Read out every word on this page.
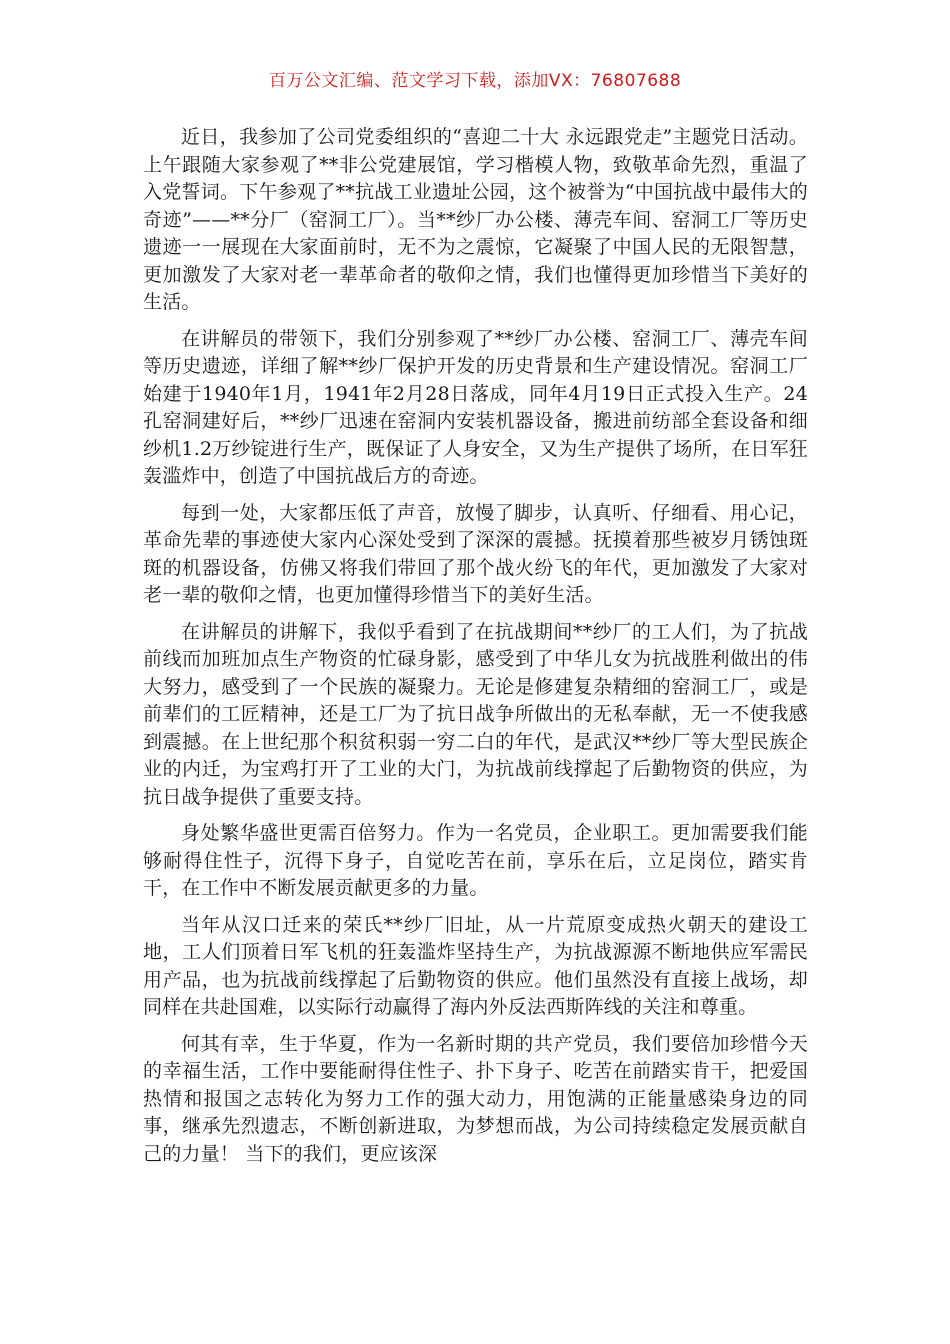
百万公文汇编、范文学习下载，添加VX：76807688

近日，我参加了公司党委组织的“喜迎二十大 永远跟党走”主题党日活动。上午跟随大家参观了**非公党建展馆，学习楷模人物，致敬革命先烈，重温了入党誓词。下午参观了**抗战工业遗址公园，这个被誉为“中国抗战中最伟大的奇迹”——**分厂（窑洞工厂）。当**纱厂办公楼、薄壳车间、窑洞工厂等历史遗迹一一展现在大家面前时，无不为之震惊，它凝聚了中国人民的无限智慧，更加激发了大家对老一辈革命者的敬仰之情，我们也懂得更加珍惜当下美好的生活。

在讲解员的带领下，我们分别参观了**纱厂办公楼、窑洞工厂、薄壳车间等历史遗迹，详细了解**纱厂保护开发的历史背景和生产建设情况。窑洞工厂始建于1940年1月，1941年2月28日落成，同年4月19日正式投入生产。24孔窑洞建好后，**纱厂迅速在窑洞内安装机器设备，搬进前纺部全套设备和细纱机1.2万纱锭进行生产，既保证了人身安全，又为生产提供了场所，在日军狂轰滥炸中，创造了中国抗战后方的奇迹。

每到一处，大家都压低了声音，放慢了脚步，认真听、仔细看、用心记，革命先辈的事迹使大家内心深处受到了深深的震撼。抚摸着那些被岁月锈蚀斑斑的机器设备，仿佛又将我们带回了那个战火纷飞的年代，更加激发了大家对老一辈的敬仰之情，也更加懂得珍惜当下的美好生活。

在讲解员的讲解下，我似乎看到了在抗战期间**纱厂的工人们，为了抗战前线而加班加点生产物资的忙碌身影，感受到了中华儿女为抗战胜利做出的伟大努力，感受到了一个民族的凝聚力。无论是修建复杂精细的窑洞工厂，或是前辈们的工匠精神，还是工厂为了抗日战争所做出的无私奉献，无一不使我感到震撼。在上世纪那个积贫积弱一穷二白的年代，是武汉**纱厂等大型民族企业的内迁，为宝鸡打开了工业的大门，为抗战前线撑起了后勤物资的供应，为抗日战争提供了重要支持。

身处繁华盛世更需百倍努力。作为一名党员，企业职工。更加需要我们能够耐得住性子，沉得下身子，自觉吃苦在前，享乐在后，立足岗位，踏实肯干，在工作中不断发展贡献更多的力量。

当年从汉口迁来的荣氏**纱厂旧址，从一片荒原变成热火朝天的建设工地，工人们顶着日军飞机的狂轰滥炸坚持生产，为抗战源源不断地供应军需民用产品，也为抗战前线撑起了后勤物资的供应。他们虽然没有直接上战场，却同样在共赴国难，以实际行动赢得了海内外反法西斯阵线的关注和尊重。

何其有幸，生于华夏，作为一名新时期的共产党员，我们要倍加珍惜今天的幸福生活，工作中要能耐得住性子、扑下身子、吃苦在前踏实肯干，把爱国热情和报国之志转化为努力工作的强大动力，用饱满的正能量感染身边的同事，继承先烈遗志，不断创新进取，为梦想而战，为公司持续稳定发展贡献自己的力量！ 当下的我们，更应该深
